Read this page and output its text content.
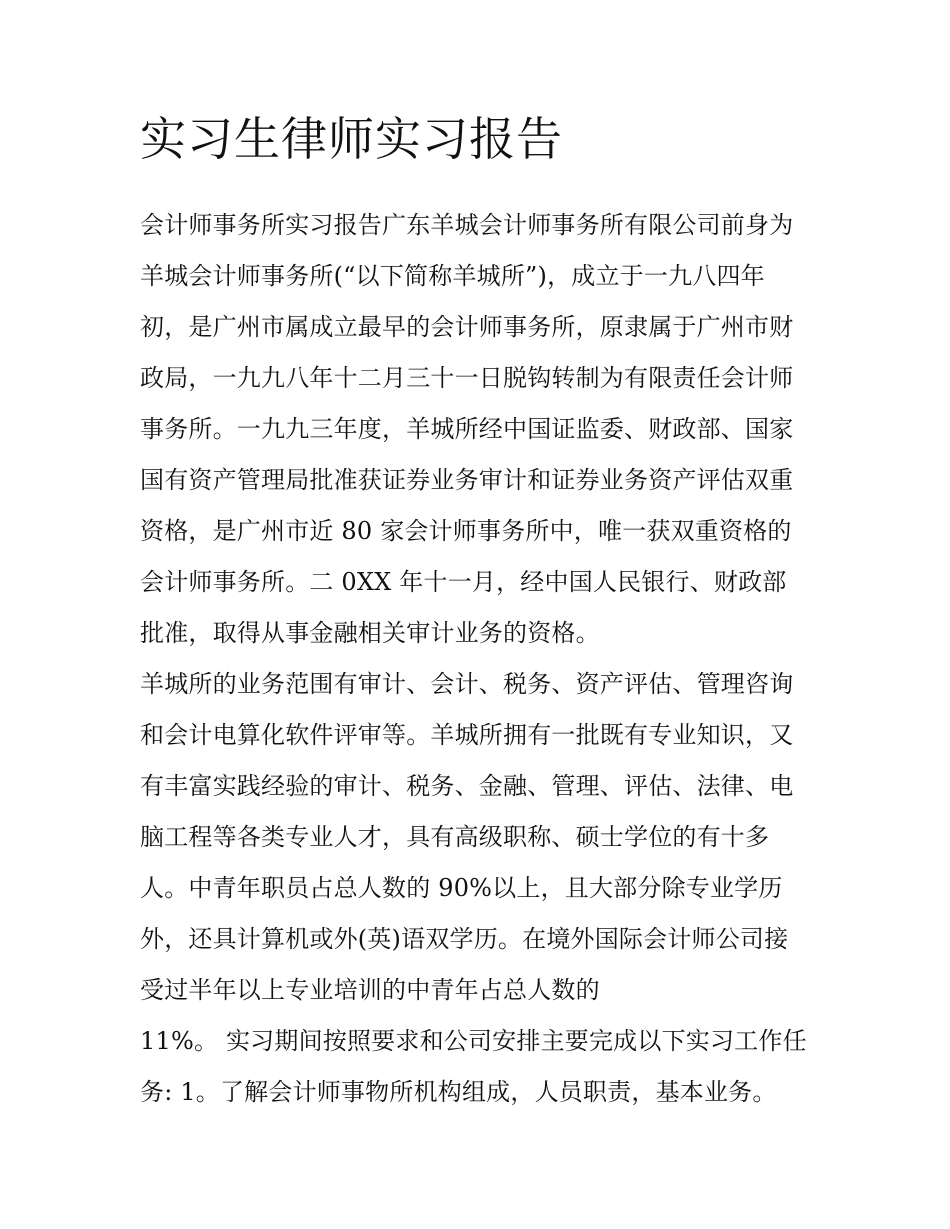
实习生律师实习报告
会计师事务所实习报告广东羊城会计师事务所有限公司前身为
羊城会计师事务所(“以下简称羊城所”)，成立于一九八四年
初，是广州市属成立最早的会计师事务所，原隶属于广州市财
政局，一九九八年十二月三十一日脱钩转制为有限责任会计师
事务所。一九九三年度，羊城所经中国证监委、财政部、国家
国有资产管理局批准获证券业务审计和证券业务资产评估双重
资格，是广州市近 80 家会计师事务所中，唯一获双重资格的
会计师事务所。二 0XX 年十一月，经中国人民银行、财政部
批准，取得从事金融相关审计业务的资格。
羊城所的业务范围有审计、会计、税务、资产评估、管理咨询
和会计电算化软件评审等。羊城所拥有一批既有专业知识，又
有丰富实践经验的审计、税务、金融、管理、评估、法律、电
脑工程等各类专业人才，具有高级职称、硕士学位的有十多
人。中青年职员占总人数的 90%以上，且大部分除专业学历
外，还具计算机或外(英)语双学历。在境外国际会计师公司接
受过半年以上专业培训的中青年占总人数的
11%。 实习期间按照要求和公司安排主要完成以下实习工作任
务: 1。了解会计师事物所机构组成，人员职责，基本业务。
